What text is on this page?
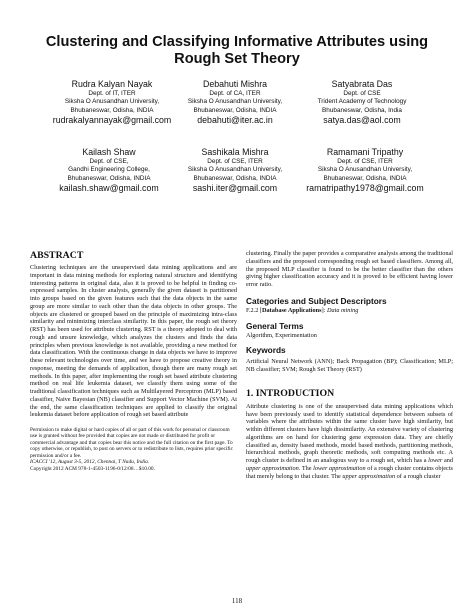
Clustering and Classifying Informative Attributes using
Rough Set Theory
Rudra Kalyan Nayak
Dept. of IT, ITER
Siksha O Anusandhan University,
Bhubaneswar, Odisha, INDIA
rudrakalyannayak@gmail.com
Debahuti Mishra
Dept. of CA, ITER
Siksha O Anusandhan University,
Bhubaneswar, Odisha, INDIA
debahuti@iter.ac.in
Satyabrata Das
Dept. of CSE
Trident Academy of Technology
Bhubaneswar, Odisha, India
satya.das@aol.com
Kailash Shaw
Dept. of CSE,
Gandhi Engineering College,
Bhubaneswar, Odisha, INDIA
kailash.shaw@gmail.com
Sashikala Mishra
Dept. of CSE, ITER
Siksha O Anusandhan University,
Bhubaneswar, Odisha, INDIA
sashi.iter@gmail.com
Ramamani Tripathy
Dept. of CSE, ITER
Siksha O Anusandhan University,
Bhubaneswar, Odisha, INDIA
ramatripathy1978@gmail.com

ABSTRACT

Clustering techniques are the unsupervised data mining applications and are important in data mining methods for exploring natural structure and identifying interesting patterns in original data, also it is proved to be helpful in finding co-expressed samples. In cluster analysis, generally the given dataset is partitioned into groups based on the given features such that the data objects in the same group are more similar to each other than the data objects in other groups. The objects are clustered or grouped based on the principle of maximizing intra-class similarity and minimizing interclass similarity. In this paper, the rough set theory (RST) has been used for attribute clustering. RST is a theory adopted to deal with rough and unsure knowledge, which analyzes the clusters and finds the data principles when previous knowledge is not available, providing a new method for data classification. With the continuous change in data objects we have to improve these relevant technologies over time, and we have to propose creative theory in response, meeting the demands of application, though there are many rough set methods. In this paper, after implementing the rough set based attribute clustering method on real life leukemia dataset, we classify them using some of the traditional classification techniques such as Multilayered Perceptron (MLP) based classifier, Naive Bayesian (NB) classifier and Support Vector Machine (SVM). At the end, the same classification techniques are applied to classify the original leukemia dataset before application of rough set based attribute

Permission to make digital or hard copies of all or part of this work for personal or classroom use is granted without fee provided that copies are not made or distributed for profit or commercial advantage and that copies bear this notice and the full citation on the first page. To copy otherwise, or republish, to post on servers or to redistribute to lists, requires prior specific permission and/or a fee.
ICACCI '12, August 3-5, 2012, Chennai, T Nadu, India.
Copyright 2012 ACM 978-1-4503-1196-0/12/08…$10.00.

clustering. Finally the paper provides a comparative analysis among the traditional classifiers and the proposed corresponding rough set based classifiers. Among all, the proposed MLP classifier is found to be the better classifier than the others giving higher classification accuracy and it is proved to be efficient having lower error ratio.

Categories and Subject Descriptors

F.2.2 [Database Applications]: Data mining

General Terms

Algorithm, Experimentation

Keywords

Artificial Neural Network (ANN); Back Propagation (BP); Classification; MLP; NB classifier; SVM; Rough Set Theory (RST)

1. INTRODUCTION

Attribute clustering is one of the unsupervised data mining applications which have been previously used to identify statistical dependence between subsets of variables where the attributes within the same cluster have high similarity, but within different clusters have high dissimilarity. An extensive variety of clustering algorithms are on hand for clustering gene expression data. They are chiefly classified as, density based methods, model based methods, partitioning methods, hierarchical methods, graph theoretic methods, soft computing methods etc. A rough cluster is defined in an analogous way to a rough set, which has a lower and upper approximation. The lower approximation of a rough cluster contains objects that merely belong to that cluster. The upper approximation of a rough cluster

118
